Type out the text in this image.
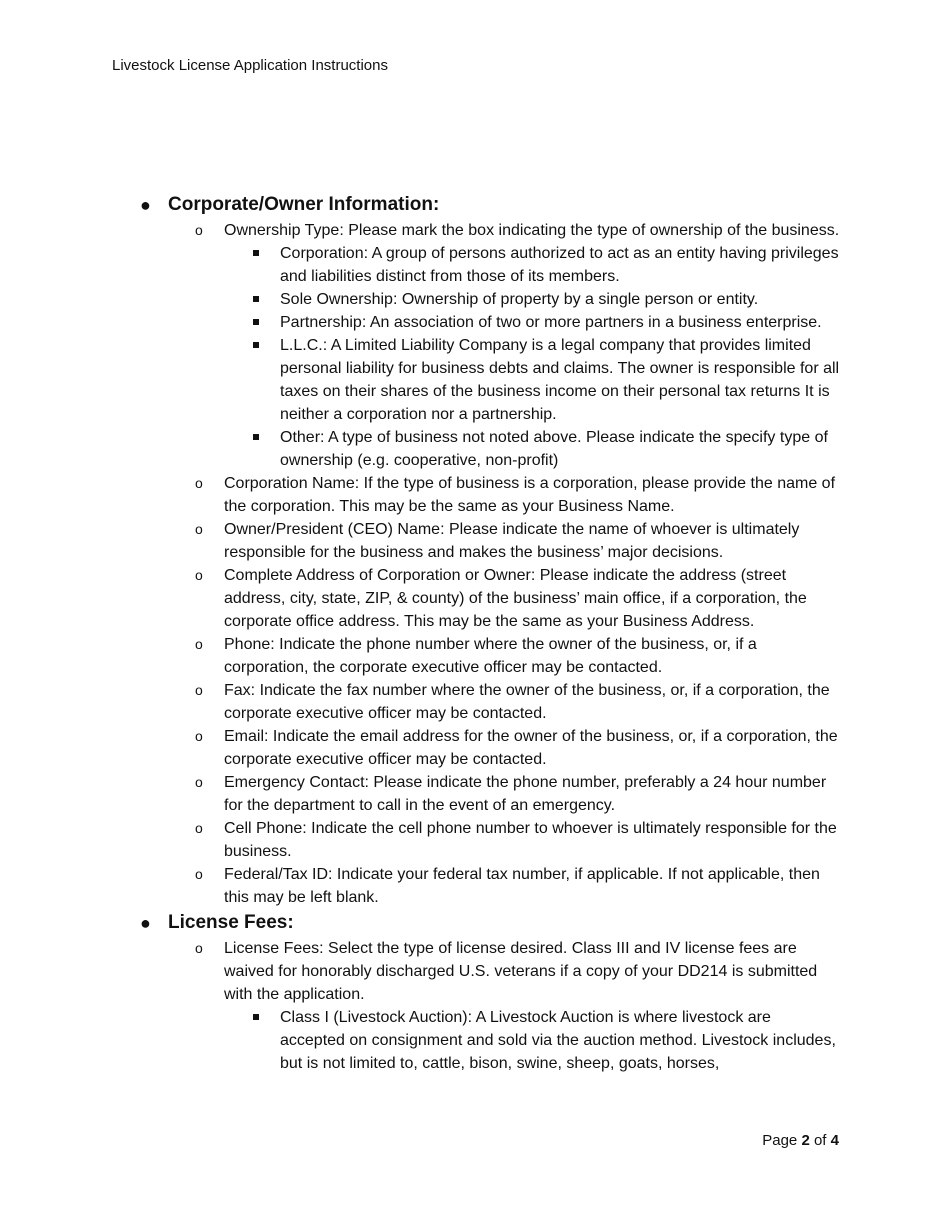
Livestock License Application Instructions
● Corporate/Owner Information:
o Ownership Type: Please mark the box indicating the type of ownership of the business.
Corporation: A group of persons authorized to act as an entity having privileges and liabilities distinct from those of its members.
Sole Ownership: Ownership of property by a single person or entity.
Partnership: An association of two or more partners in a business enterprise.
L.L.C.: A Limited Liability Company is a legal company that provides limited personal liability for business debts and claims. The owner is responsible for all taxes on their shares of the business income on their personal tax returns It is neither a corporation nor a partnership.
Other: A type of business not noted above. Please indicate the specify type of ownership (e.g. cooperative, non-profit)
o Corporation Name: If the type of business is a corporation, please provide the name of the corporation. This may be the same as your Business Name.
o Owner/President (CEO) Name: Please indicate the name of whoever is ultimately responsible for the business and makes the business’ major decisions.
o Complete Address of Corporation or Owner: Please indicate the address (street address, city, state, ZIP, & county) of the business’ main office, if a corporation, the corporate office address. This may be the same as your Business Address.
o Phone: Indicate the phone number where the owner of the business, or, if a corporation, the corporate executive officer may be contacted.
o Fax: Indicate the fax number where the owner of the business, or, if a corporation, the corporate executive officer may be contacted.
o Email: Indicate the email address for the owner of the business, or, if a corporation, the corporate executive officer may be contacted.
o Emergency Contact: Please indicate the phone number, preferably a 24 hour number for the department to call in the event of an emergency.
o Cell Phone: Indicate the cell phone number to whoever is ultimately responsible for the business.
o Federal/Tax ID: Indicate your federal tax number, if applicable. If not applicable, then this may be left blank.
● License Fees:
o License Fees: Select the type of license desired. Class III and IV license fees are waived for honorably discharged U.S. veterans if a copy of your DD214 is submitted with the application.
Class I (Livestock Auction): A Livestock Auction is where livestock are accepted on consignment and sold via the auction method. Livestock includes, but is not limited to, cattle, bison, swine, sheep, goats, horses,
Page 2 of 4
